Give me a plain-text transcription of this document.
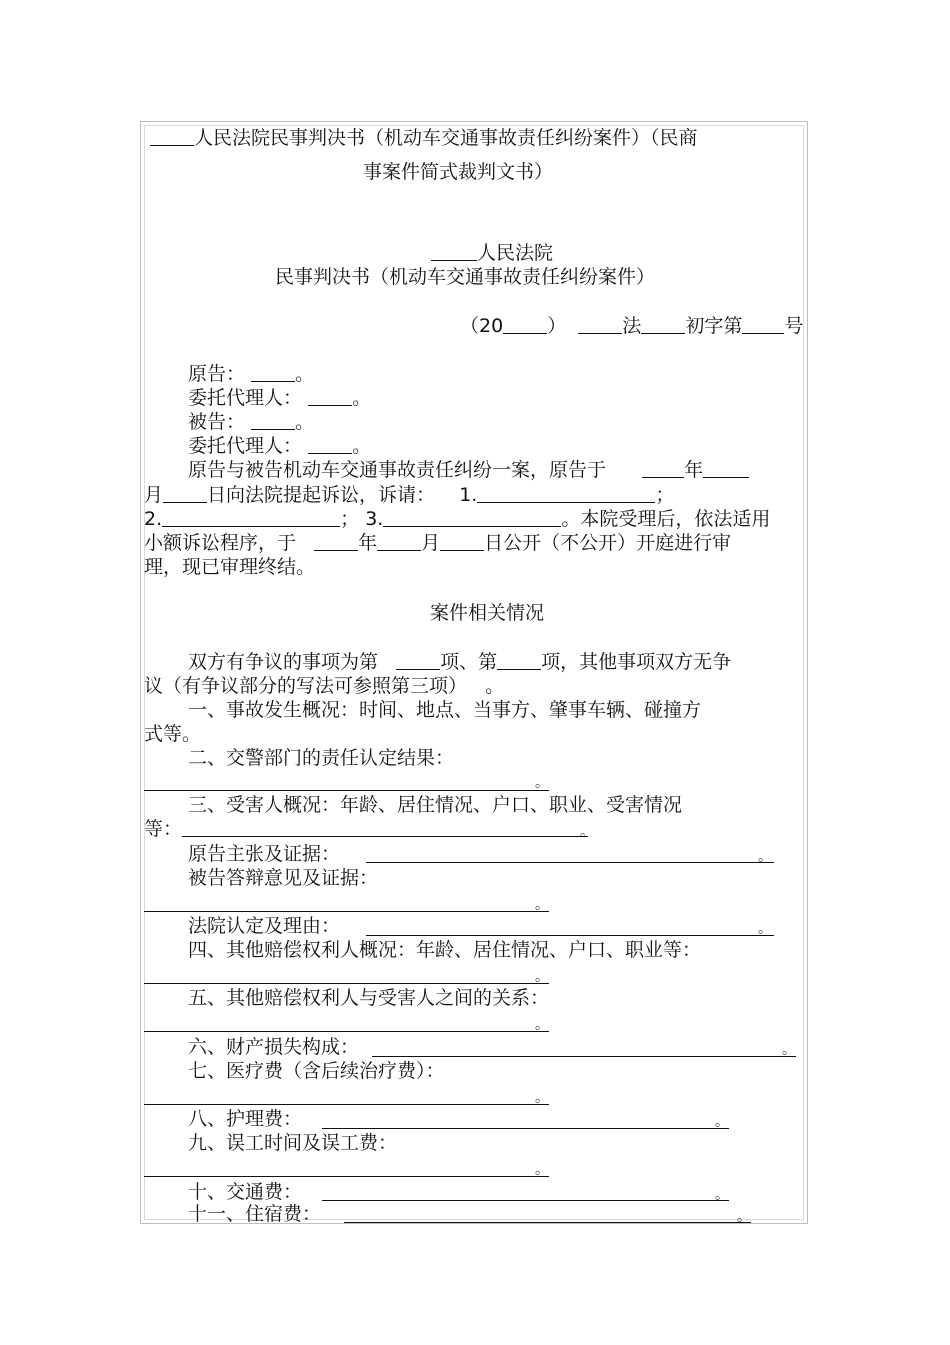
人民法院民事判决书（机动车交通事故责任纠纷案件）（民商
事案件简式裁判文书）
人民法院
民事判决书（机动车交通事故责任纠纷案件）
（20 ）	法 初字第 号
原告：	。
委托代理人：	。
被告：	。
委托代理人：	。
原告与被告机动车交通事故责任纠纷一案，原告于	年
月 日向法院提起诉讼，诉请： 1.	；
2.	； 3.	。本院受理后，依法适用
小额诉讼程序，于	年 月 日公开（不公开）开庭进行审
理，现已审理终结。
案件相关情况
双方有争议的事项为第	项、第 项，其他事项双方无争
议（有争议部分的写法可参照第三项） 。
一、事故发生概况：时间、地点、当事方、肇事车辆、碰撞方
式等。
二、交警部门的责任认定结果：
。
三、受害人概况：年龄、居住情况、户口、职业、受害情况
等：	。
原告主张及证据：	。
被告答辩意见及证据：
。
法院认定及理由：	。
四、其他赔偿权利人概况：年龄、居住情况、户口、职业等：
。
五、其他赔偿权利人与受害人之间的关系：
。
六、财产损失构成：	。
七、医疗费（含后续治疗费）：
。
八、护理费：	。
九、误工时间及误工费：
。
十、交通费：	。
十一、住宿费：	。
